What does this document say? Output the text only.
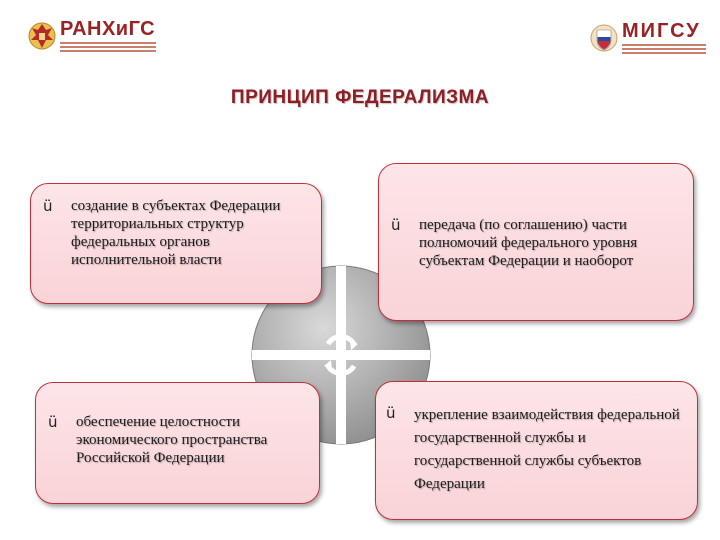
РАНХиГС	МИГСУ
ПРИНЦИП ФЕДЕРАЛИЗМА
ü создание в субъектах Федерации территориальных структур федеральных органов исполнительной власти
ü передача (по соглашению) части полномочий федерального уровня субъектам Федерации и наоборот
ü обеспечение целостности экономического пространства Российской Федерации
ü укрепление взаимодействия федеральной государственной службы и государственной службы субъектов Федерации
